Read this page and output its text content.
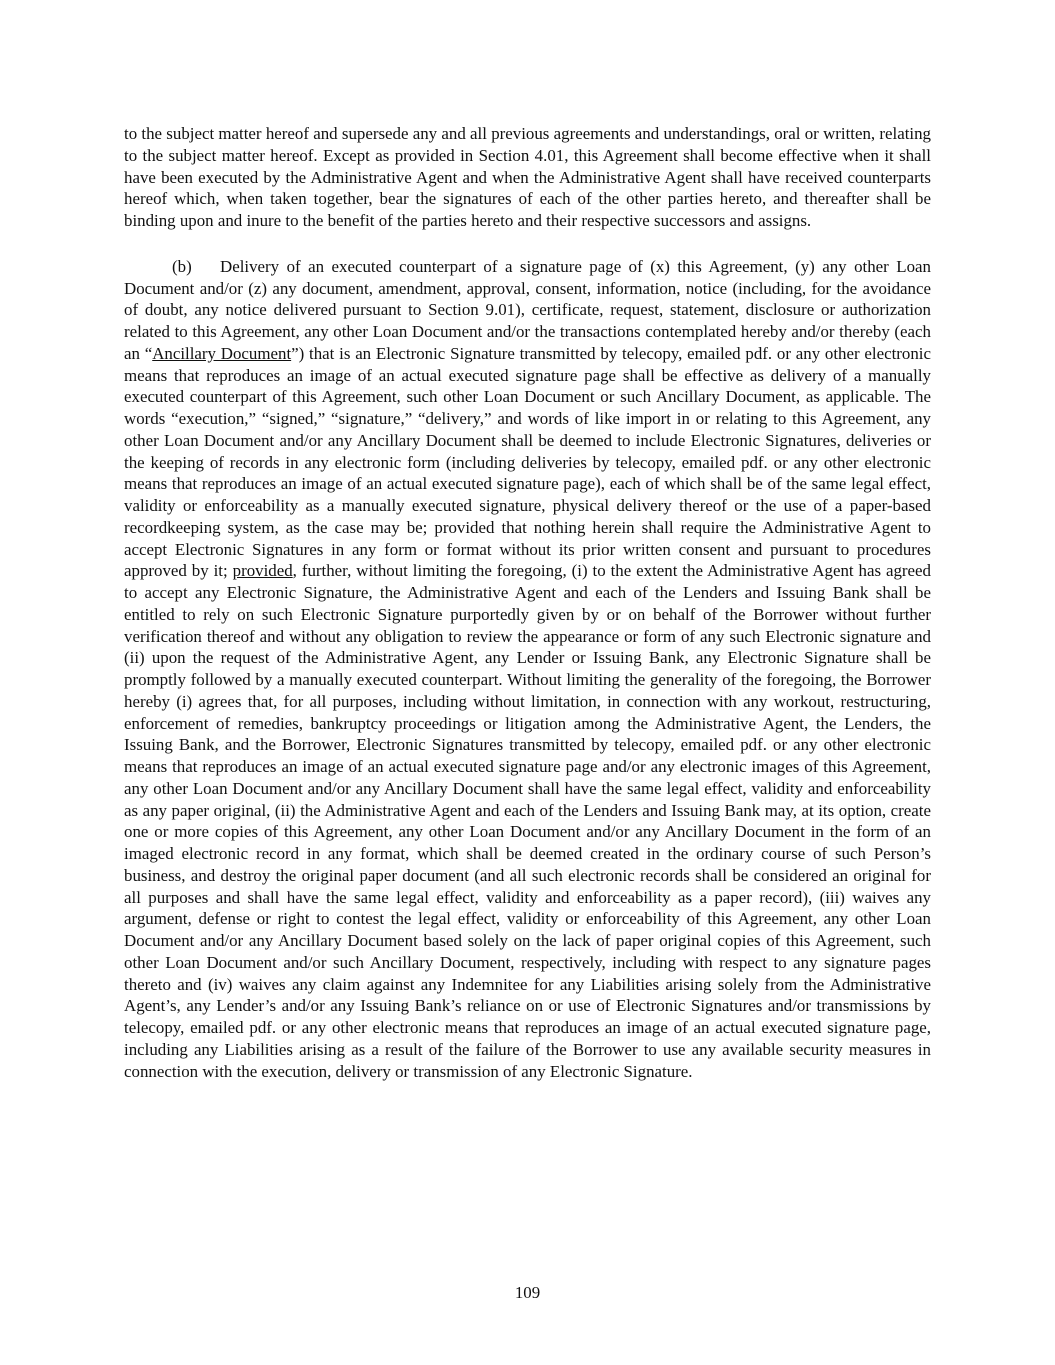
to the subject matter hereof and supersede any and all previous agreements and understandings, oral or written, relating to the subject matter hereof. Except as provided in Section 4.01, this Agreement shall become effective when it shall have been executed by the Administrative Agent and when the Administrative Agent shall have received counterparts hereof which, when taken together, bear the signatures of each of the other parties hereto, and thereafter shall be binding upon and inure to the benefit of the parties hereto and their respective successors and assigns.

(b) Delivery of an executed counterpart of a signature page of (x) this Agreement, (y) any other Loan Document and/or (z) any document, amendment, approval, consent, information, notice (including, for the avoidance of doubt, any notice delivered pursuant to Section 9.01), certificate, request, statement, disclosure or authorization related to this Agreement, any other Loan Document and/or the transactions contemplated hereby and/or thereby (each an “Ancillary Document”) that is an Electronic Signature transmitted by telecopy, emailed pdf. or any other electronic means that reproduces an image of an actual executed signature page shall be effective as delivery of a manually executed counterpart of this Agreement, such other Loan Document or such Ancillary Document, as applicable. The words “execution,” “signed,” “signature,” “delivery,” and words of like import in or relating to this Agreement, any other Loan Document and/or any Ancillary Document shall be deemed to include Electronic Signatures, deliveries or the keeping of records in any electronic form (including deliveries by telecopy, emailed pdf. or any other electronic means that reproduces an image of an actual executed signature page), each of which shall be of the same legal effect, validity or enforceability as a manually executed signature, physical delivery thereof or the use of a paper-based recordkeeping system, as the case may be; provided that nothing herein shall require the Administrative Agent to accept Electronic Signatures in any form or format without its prior written consent and pursuant to procedures approved by it; provided, further, without limiting the foregoing, (i) to the extent the Administrative Agent has agreed to accept any Electronic Signature, the Administrative Agent and each of the Lenders and Issuing Bank shall be entitled to rely on such Electronic Signature purportedly given by or on behalf of the Borrower without further verification thereof and without any obligation to review the appearance or form of any such Electronic signature and (ii) upon the request of the Administrative Agent, any Lender or Issuing Bank, any Electronic Signature shall be promptly followed by a manually executed counterpart. Without limiting the generality of the foregoing, the Borrower hereby (i) agrees that, for all purposes, including without limitation, in connection with any workout, restructuring, enforcement of remedies, bankruptcy proceedings or litigation among the Administrative Agent, the Lenders, the Issuing Bank, and the Borrower, Electronic Signatures transmitted by telecopy, emailed pdf. or any other electronic means that reproduces an image of an actual executed signature page and/or any electronic images of this Agreement, any other Loan Document and/or any Ancillary Document shall have the same legal effect, validity and enforceability as any paper original, (ii) the Administrative Agent and each of the Lenders and Issuing Bank may, at its option, create one or more copies of this Agreement, any other Loan Document and/or any Ancillary Document in the form of an imaged electronic record in any format, which shall be deemed created in the ordinary course of such Person’s business, and destroy the original paper document (and all such electronic records shall be considered an original for all purposes and shall have the same legal effect, validity and enforceability as a paper record), (iii) waives any argument, defense or right to contest the legal effect, validity or enforceability of this Agreement, any other Loan Document and/or any Ancillary Document based solely on the lack of paper original copies of this Agreement, such other Loan Document and/or such Ancillary Document, respectively, including with respect to any signature pages thereto and (iv) waives any claim against any Indemnitee for any Liabilities arising solely from the Administrative Agent’s, any Lender’s and/or any Issuing Bank’s reliance on or use of Electronic Signatures and/or transmissions by telecopy, emailed pdf. or any other electronic means that reproduces an image of an actual executed signature page, including any Liabilities arising as a result of the failure of the Borrower to use any available security measures in connection with the execution, delivery or transmission of any Electronic Signature.

109
